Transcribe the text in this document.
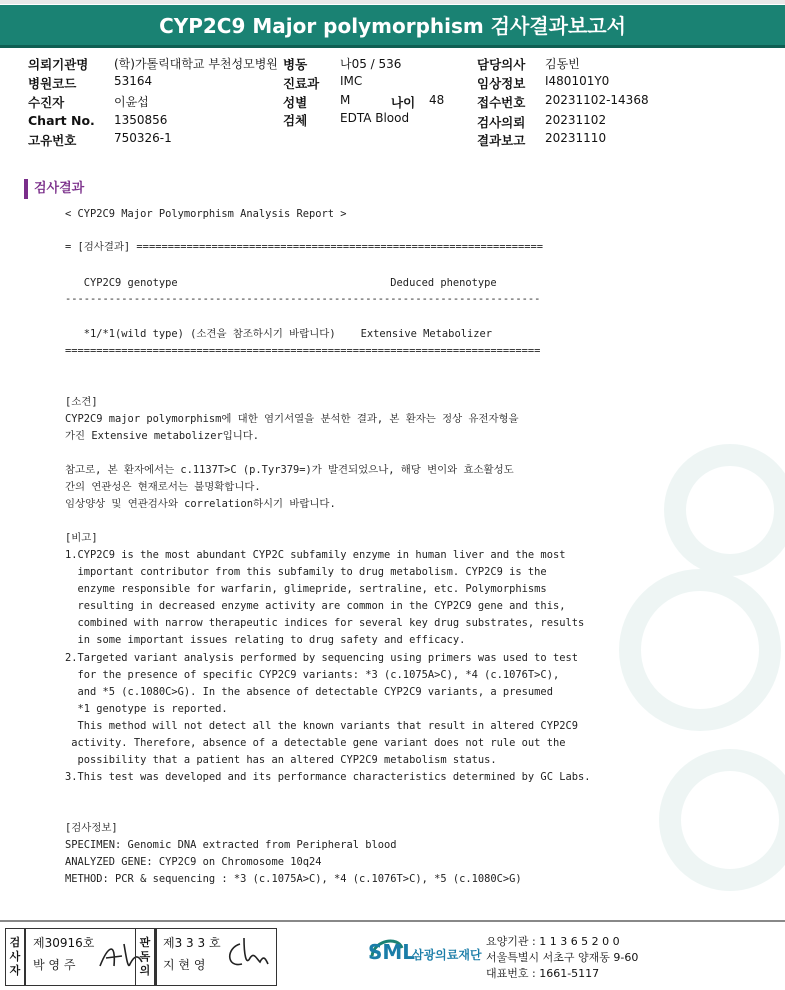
CYP2C9 Major polymorphism 검사결과보고서
의뢰기관명 (학)가톨릭대학교 부천성모병원 병동	나05 / 536	담당의사 김동빈
병원코드	53164	진료과 IMC	임상정보 I480101Y0
수진자	이윤섭	성별	M	나이 48	접수번호 20231102-14368
Chart No. 1350856	검체	EDTA Blood	검사의뢰 20231102
고유번호	750326-1	결과보고 20231110
검사결과
< CYP2C9 Major Polymorphism Analysis Report >
= [검사결과] =================================================================
CYP2C9 genotype                                  Deduced phenotype
----------------------------------------------------------------------------
*1/*1(wild type) (소견을 참조하시기 바랍니다)    Extensive Metabolizer
============================================================================
[소견]
CYP2C9 major polymorphism에 대한 염기서열을 분석한 결과, 본 환자는 정상 유전자형을
가진 Extensive metabolizer입니다.
참고로, 본 환자에서는 c.1137T>C (p.Tyr379=)가 발견되었으나, 해당 변이와 효소활성도
간의 연관성은 현재로서는 불명확합니다.
임상양상 및 연관검사와 correlation하시기 바랍니다.
[비고]
1.CYP2C9 is the most abundant CYP2C subfamily enzyme in human liver and the most
important contributor from this subfamily to drug metabolism. CYP2C9 is the
enzyme responsible for warfarin, glimepride, sertraline, etc. Polymorphisms
resulting in decreased enzyme activity are common in the CYP2C9 gene and this,
combined with narrow therapeutic indices for several key drug substrates, results
in some important issues relating to drug safety and efficacy.
2.Targeted variant analysis performed by sequencing using primers was used to test
for the presence of specific CYP2C9 variants: *3 (c.1075A>C), *4 (c.1076T>C),
and *5 (c.1080C>G). In the absence of detectable CYP2C9 variants, a presumed
*1 genotype is reported.
This method will not detect all the known variants that result in altered CYP2C9
activity. Therefore, absence of a detectable gene variant does not rule out the
possibility that a patient has an altered CYP2C9 metabolism status.
3.This test was developed and its performance characteristics determined by GC Labs.
[검사정보]
SPECIMEN: Genomic DNA extracted from Peripheral blood
ANALYZED GENE: CYP2C9 on Chromosome 10q24
METHOD: PCR & sequencing : *3 (c.1075A>C), *4 (c.1076T>C), *5 (c.1080C>G)
검
사
자
제30916호
박 영 주
판
독
의
제3 3 3 호
지 현 영
SML
삼광의료재단
요양기관 : 1 1 3 6 5 2 0 0
서울특별시 서초구 양재동 9-60
대표번호 : 1661-5117
